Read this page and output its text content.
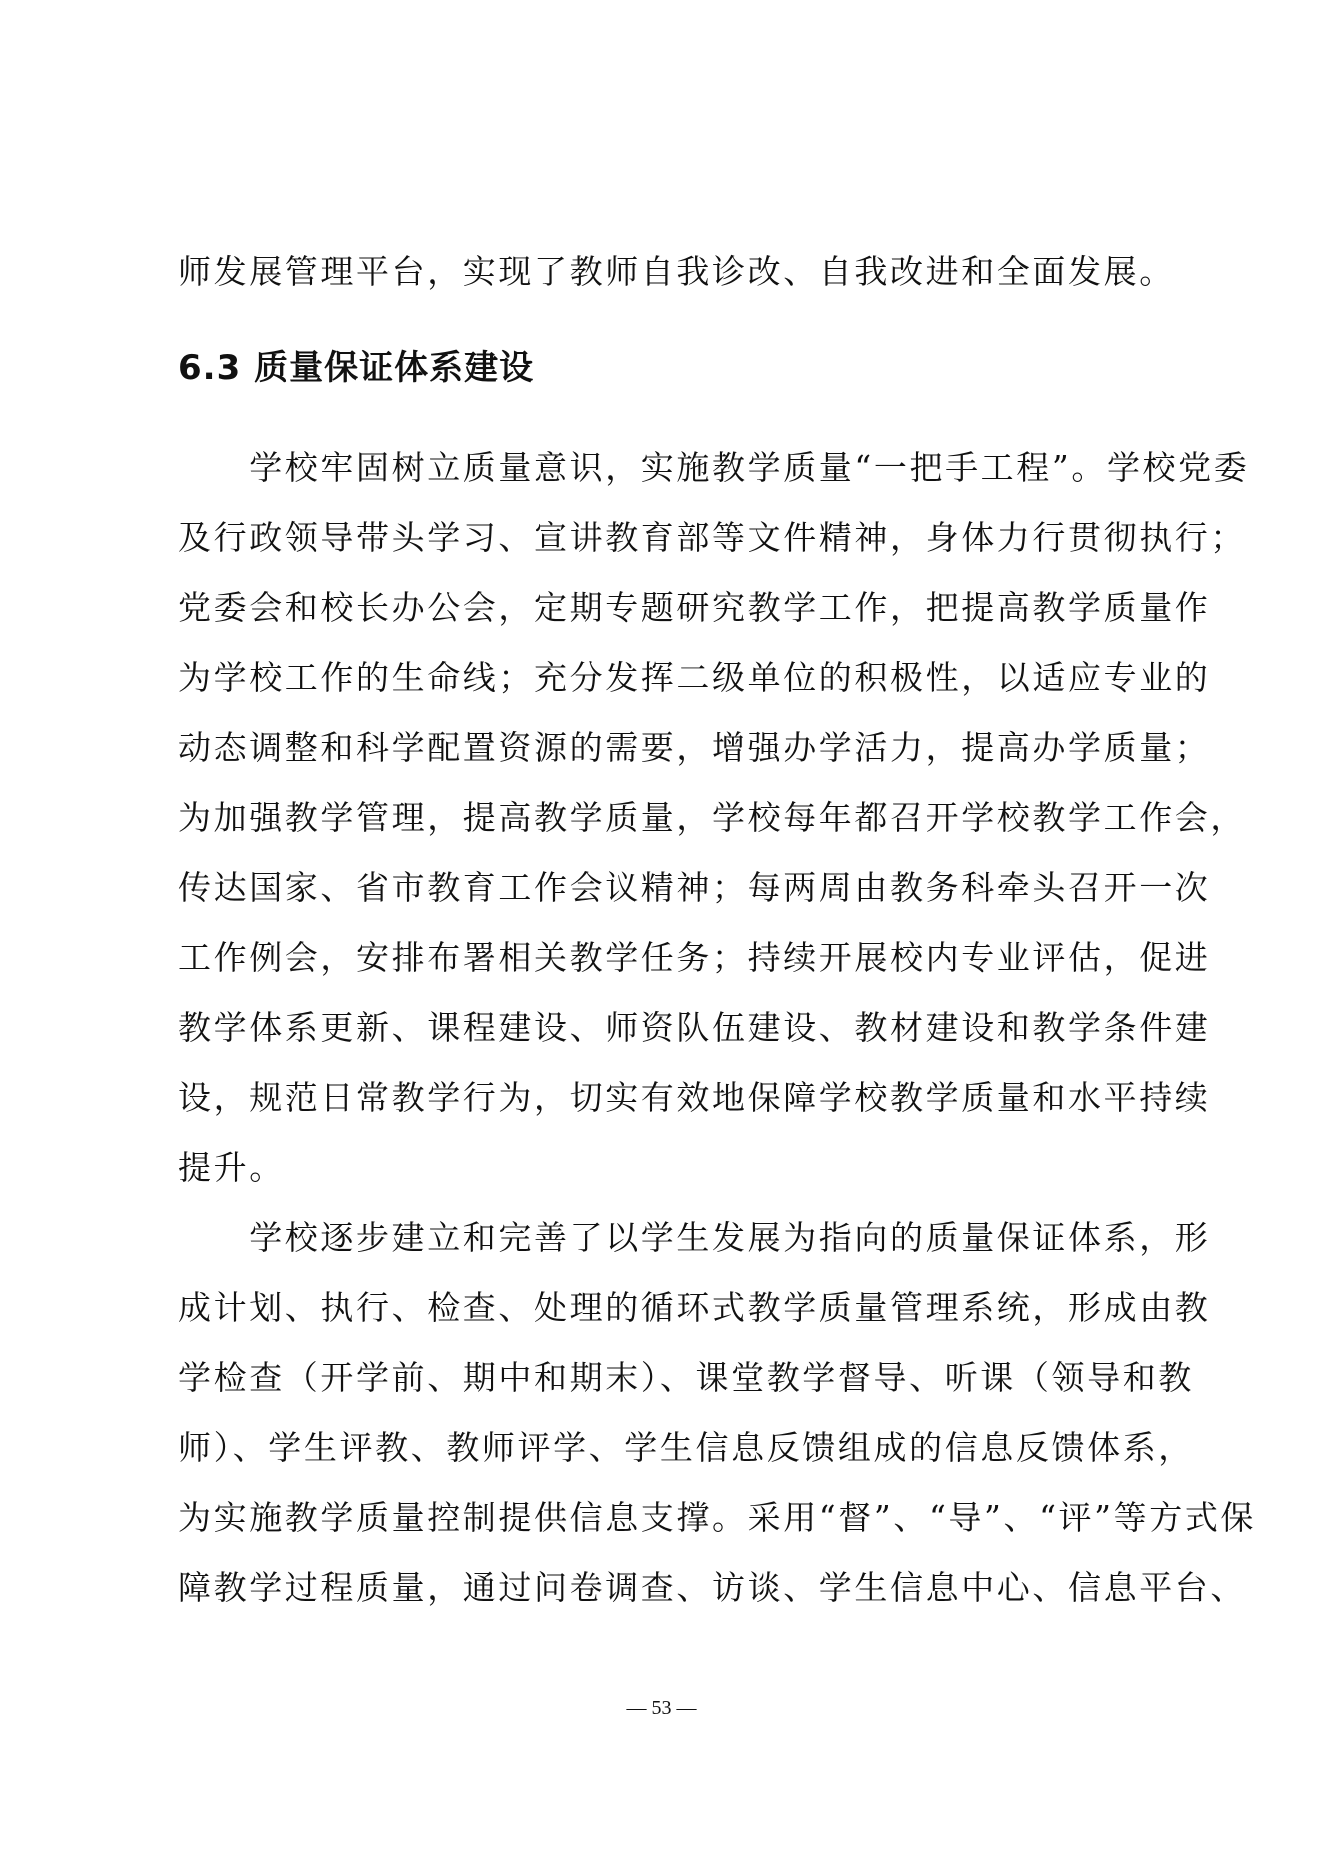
师发展管理平台，实现了教师自我诊改、自我改进和全面发展。
6.3 质量保证体系建设
　　学校牢固树立质量意识，实施教学质量“一把手工程”。学校党委
及行政领导带头学习、宣讲教育部等文件精神，身体力行贯彻执行；
党委会和校长办公会，定期专题研究教学工作，把提高教学质量作
为学校工作的生命线；充分发挥二级单位的积极性，以适应专业的
动态调整和科学配置资源的需要，增强办学活力，提高办学质量；
为加强教学管理，提高教学质量，学校每年都召开学校教学工作会，
传达国家、省市教育工作会议精神；每两周由教务科牵头召开一次
工作例会，安排布署相关教学任务；持续开展校内专业评估，促进
教学体系更新、课程建设、师资队伍建设、教材建设和教学条件建
设，规范日常教学行为，切实有效地保障学校教学质量和水平持续
提升。
　　学校逐步建立和完善了以学生发展为指向的质量保证体系，形
成计划、执行、检查、处理的循环式教学质量管理系统，形成由教
学检查（开学前、期中和期末）、课堂教学督导、听课（领导和教
师）、学生评教、教师评学、学生信息反馈组成的信息反馈体系，
为实施教学质量控制提供信息支撑。采用“督”、“导”、“评”等方式保
障教学过程质量，通过问卷调查、访谈、学生信息中心、信息平台、
— 53 —
